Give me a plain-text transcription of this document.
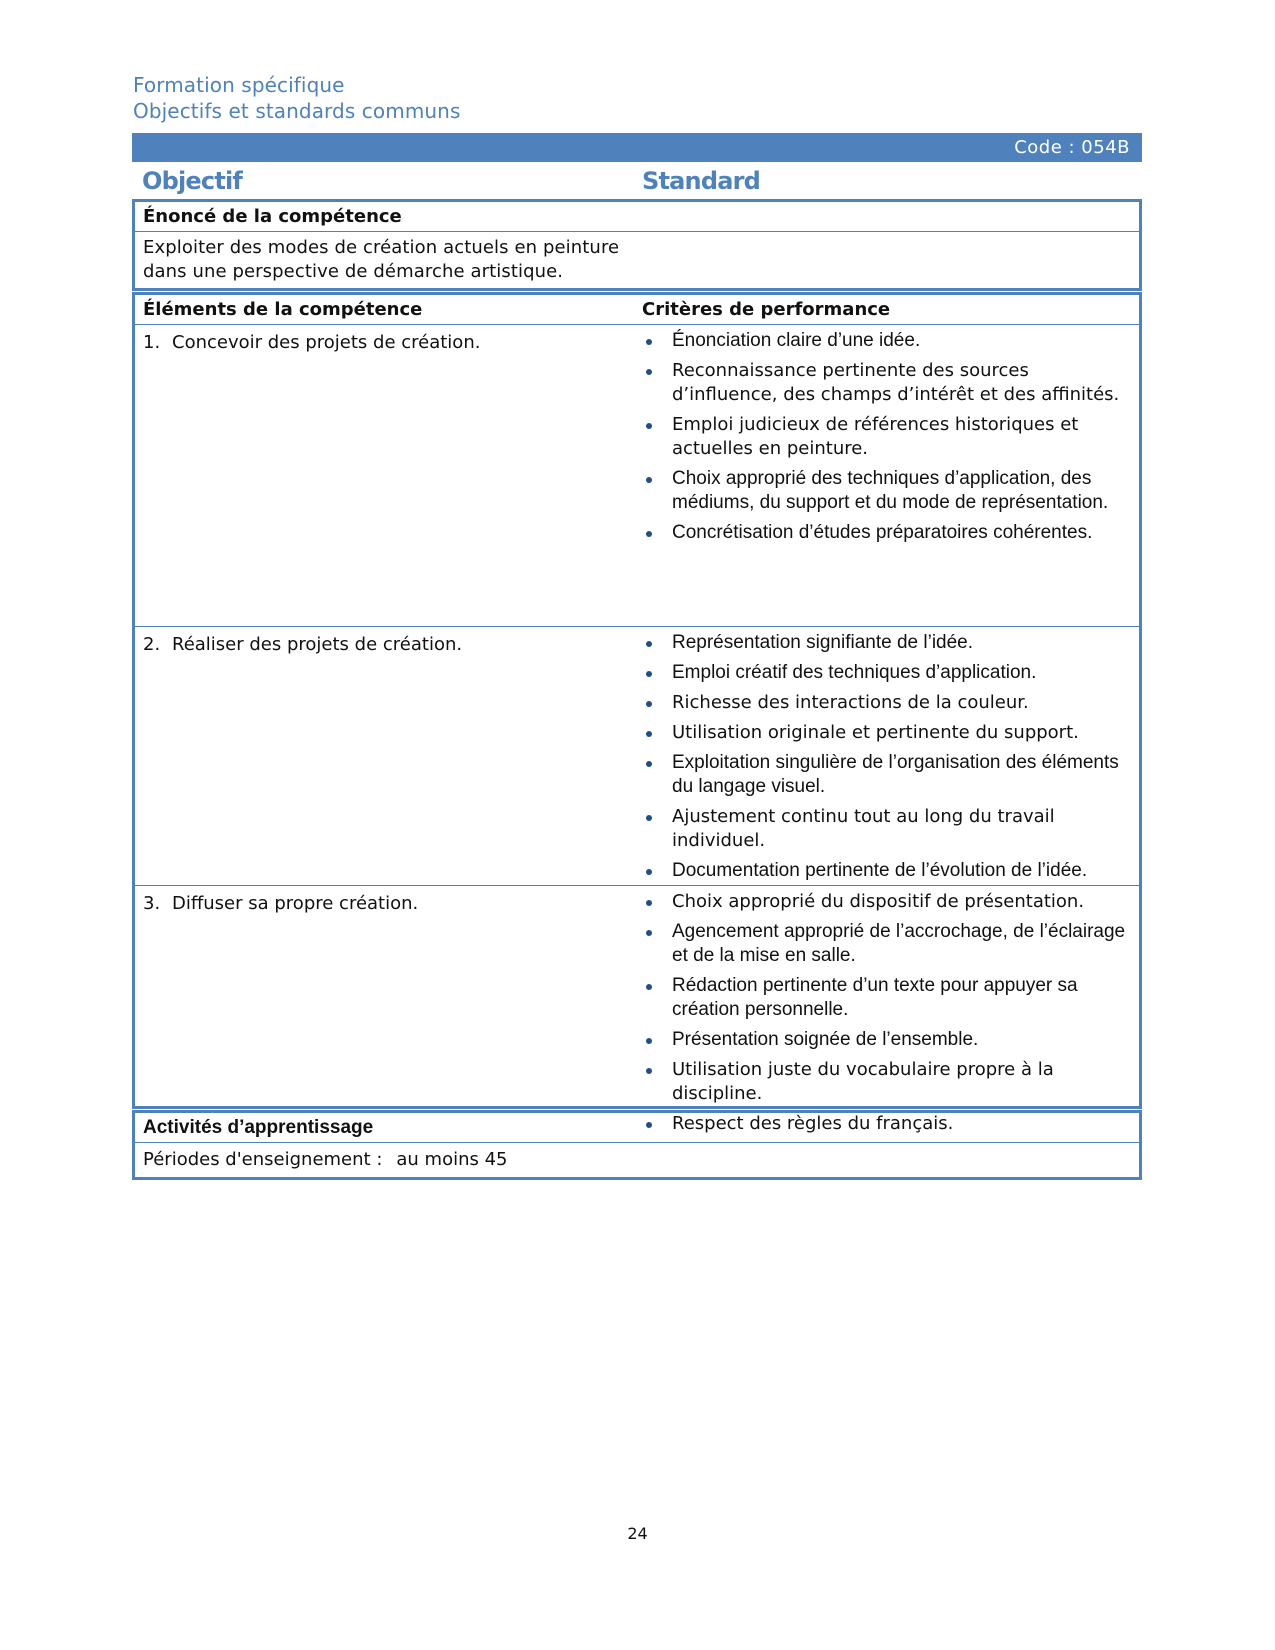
Formation spécifique
Objectifs et standards communs
Code : 054B
Objectif	Standard
Énoncé de la compétence
Exploiter des modes de création actuels en peinture dans une perspective de démarche artistique.
Éléments de la compétence	Critères de performance
1. Concevoir des projets de création.	Énonciation claire d’une idée.
Reconnaissance pertinente des sources d’influence, des champs d’intérêt et des affinités.
Emploi judicieux de références historiques et actuelles en peinture.
Choix approprié des techniques d’application, des médiums, du support et du mode de représentation.
Concrétisation d’études préparatoires cohérentes.
2. Réaliser des projets de création.	Représentation signifiante de l’idée.
Emploi créatif des techniques d’application.
Richesse des interactions de la couleur.
Utilisation originale et pertinente du support.
Exploitation singulière de l’organisation des éléments du langage visuel.
Ajustement continu tout au long du travail individuel.
Documentation pertinente de l’évolution de l’idée.
3. Diffuser sa propre création.	Choix approprié du dispositif de présentation.
Agencement approprié de l’accrochage, de l’éclairage et de la mise en salle.
Rédaction pertinente d’un texte pour appuyer sa création personnelle.
Présentation soignée de l’ensemble.
Utilisation juste du vocabulaire propre à la discipline.
Respect des règles du français.
Activités d’apprentissage
Périodes d'enseignement : au moins 45
24
